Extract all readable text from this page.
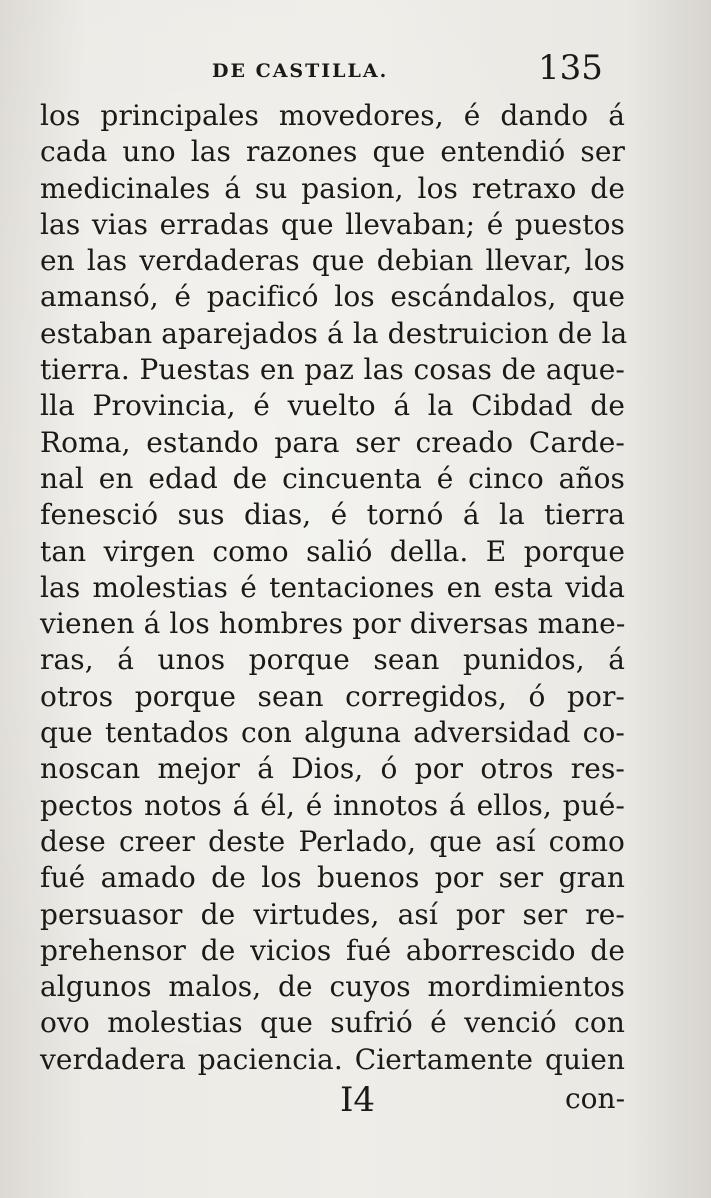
DE CASTILLA.	135
los principales movedores, é dando á
cada uno las razones que entendió ser
medicinales á su pasion, los retraxo de
las vias erradas que llevaban; é puestos
en las verdaderas que debian llevar, los
amansó, é pacificó los escándalos, que
estaban aparejados á la destruicion de la
tierra. Puestas en paz las cosas de aque-
lla Provincia, é vuelto á la Cibdad de
Roma, estando para ser creado Carde-
nal en edad de cincuenta é cinco años
fenesció sus dias, é tornó á la tierra
tan virgen como salió della. E porque
las molestias é tentaciones en esta vida
vienen á los hombres por diversas mane-
ras, á unos porque sean punidos, á
otros porque sean corregidos, ó por-
que tentados con alguna adversidad co-
noscan mejor á Dios, ó por otros res-
pectos notos á él, é innotos á ellos, pué-
dese creer deste Perlado, que así como
fué amado de los buenos por ser gran
persuasor de virtudes, así por ser re-
prehensor de vicios fué aborrescido de
algunos malos, de cuyos mordimientos
ovo molestias que sufrió é venció con
verdadera paciencia. Ciertamente quien
I4	con-
